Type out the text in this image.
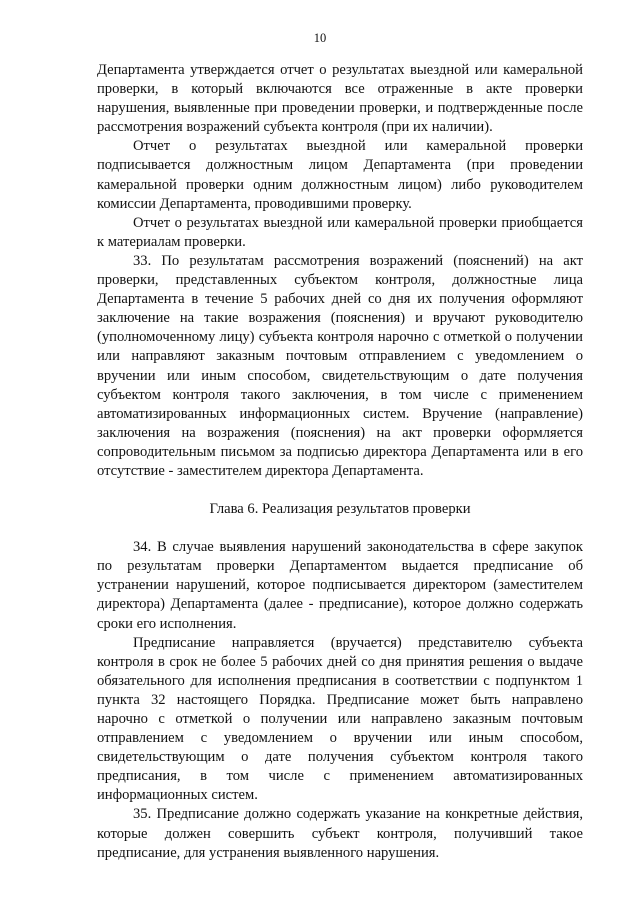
10

Департамента утверждается отчет о результатах выездной или камеральной проверки, в который включаются все отраженные в акте проверки нарушения, выявленные при проведении проверки, и подтвержденные после рассмотрения возражений субъекта контроля (при их наличии).

Отчет о результатах выездной или камеральной проверки подписывается должностным лицом Департамента (при проведении камеральной проверки одним должностным лицом) либо руководителем комиссии Департамента, проводившими проверку.

Отчет о результатах выездной или камеральной проверки приобщается к материалам проверки.

33. По результатам рассмотрения возражений (пояснений) на акт проверки, представленных субъектом контроля, должностные лица Департамента в течение 5 рабочих дней со дня их получения оформляют заключение на такие возражения (пояснения) и вручают руководителю (уполномоченному лицу) субъекта контроля нарочно с отметкой о получении или направляют заказным почтовым отправлением с уведомлением о вручении или иным способом, свидетельствующим о дате получения субъектом контроля такого заключения, в том числе с применением автоматизированных информационных систем. Вручение (направление) заключения на возражения (пояснения) на акт проверки оформляется сопроводительным письмом за подписью директора Департамента или в его отсутствие - заместителем директора Департамента.

Глава 6. Реализация результатов проверки

34. В случае выявления нарушений законодательства в сфере закупок по результатам проверки Департаментом выдается предписание об устранении нарушений, которое подписывается директором (заместителем директора) Департамента (далее - предписание), которое должно содержать сроки его исполнения.

Предписание направляется (вручается) представителю субъекта контроля в срок не более 5 рабочих дней со дня принятия решения о выдаче обязательного для исполнения предписания в соответствии с подпунктом 1 пункта 32 настоящего Порядка. Предписание может быть направлено нарочно с отметкой о получении или направлено заказным почтовым отправлением с уведомлением о вручении или иным способом, свидетельствующим о дате получения субъектом контроля такого предписания, в том числе с применением автоматизированных информационных систем.

35. Предписание должно содержать указание на конкретные действия, которые должен совершить субъект контроля, получивший такое предписание, для устранения выявленного нарушения.
